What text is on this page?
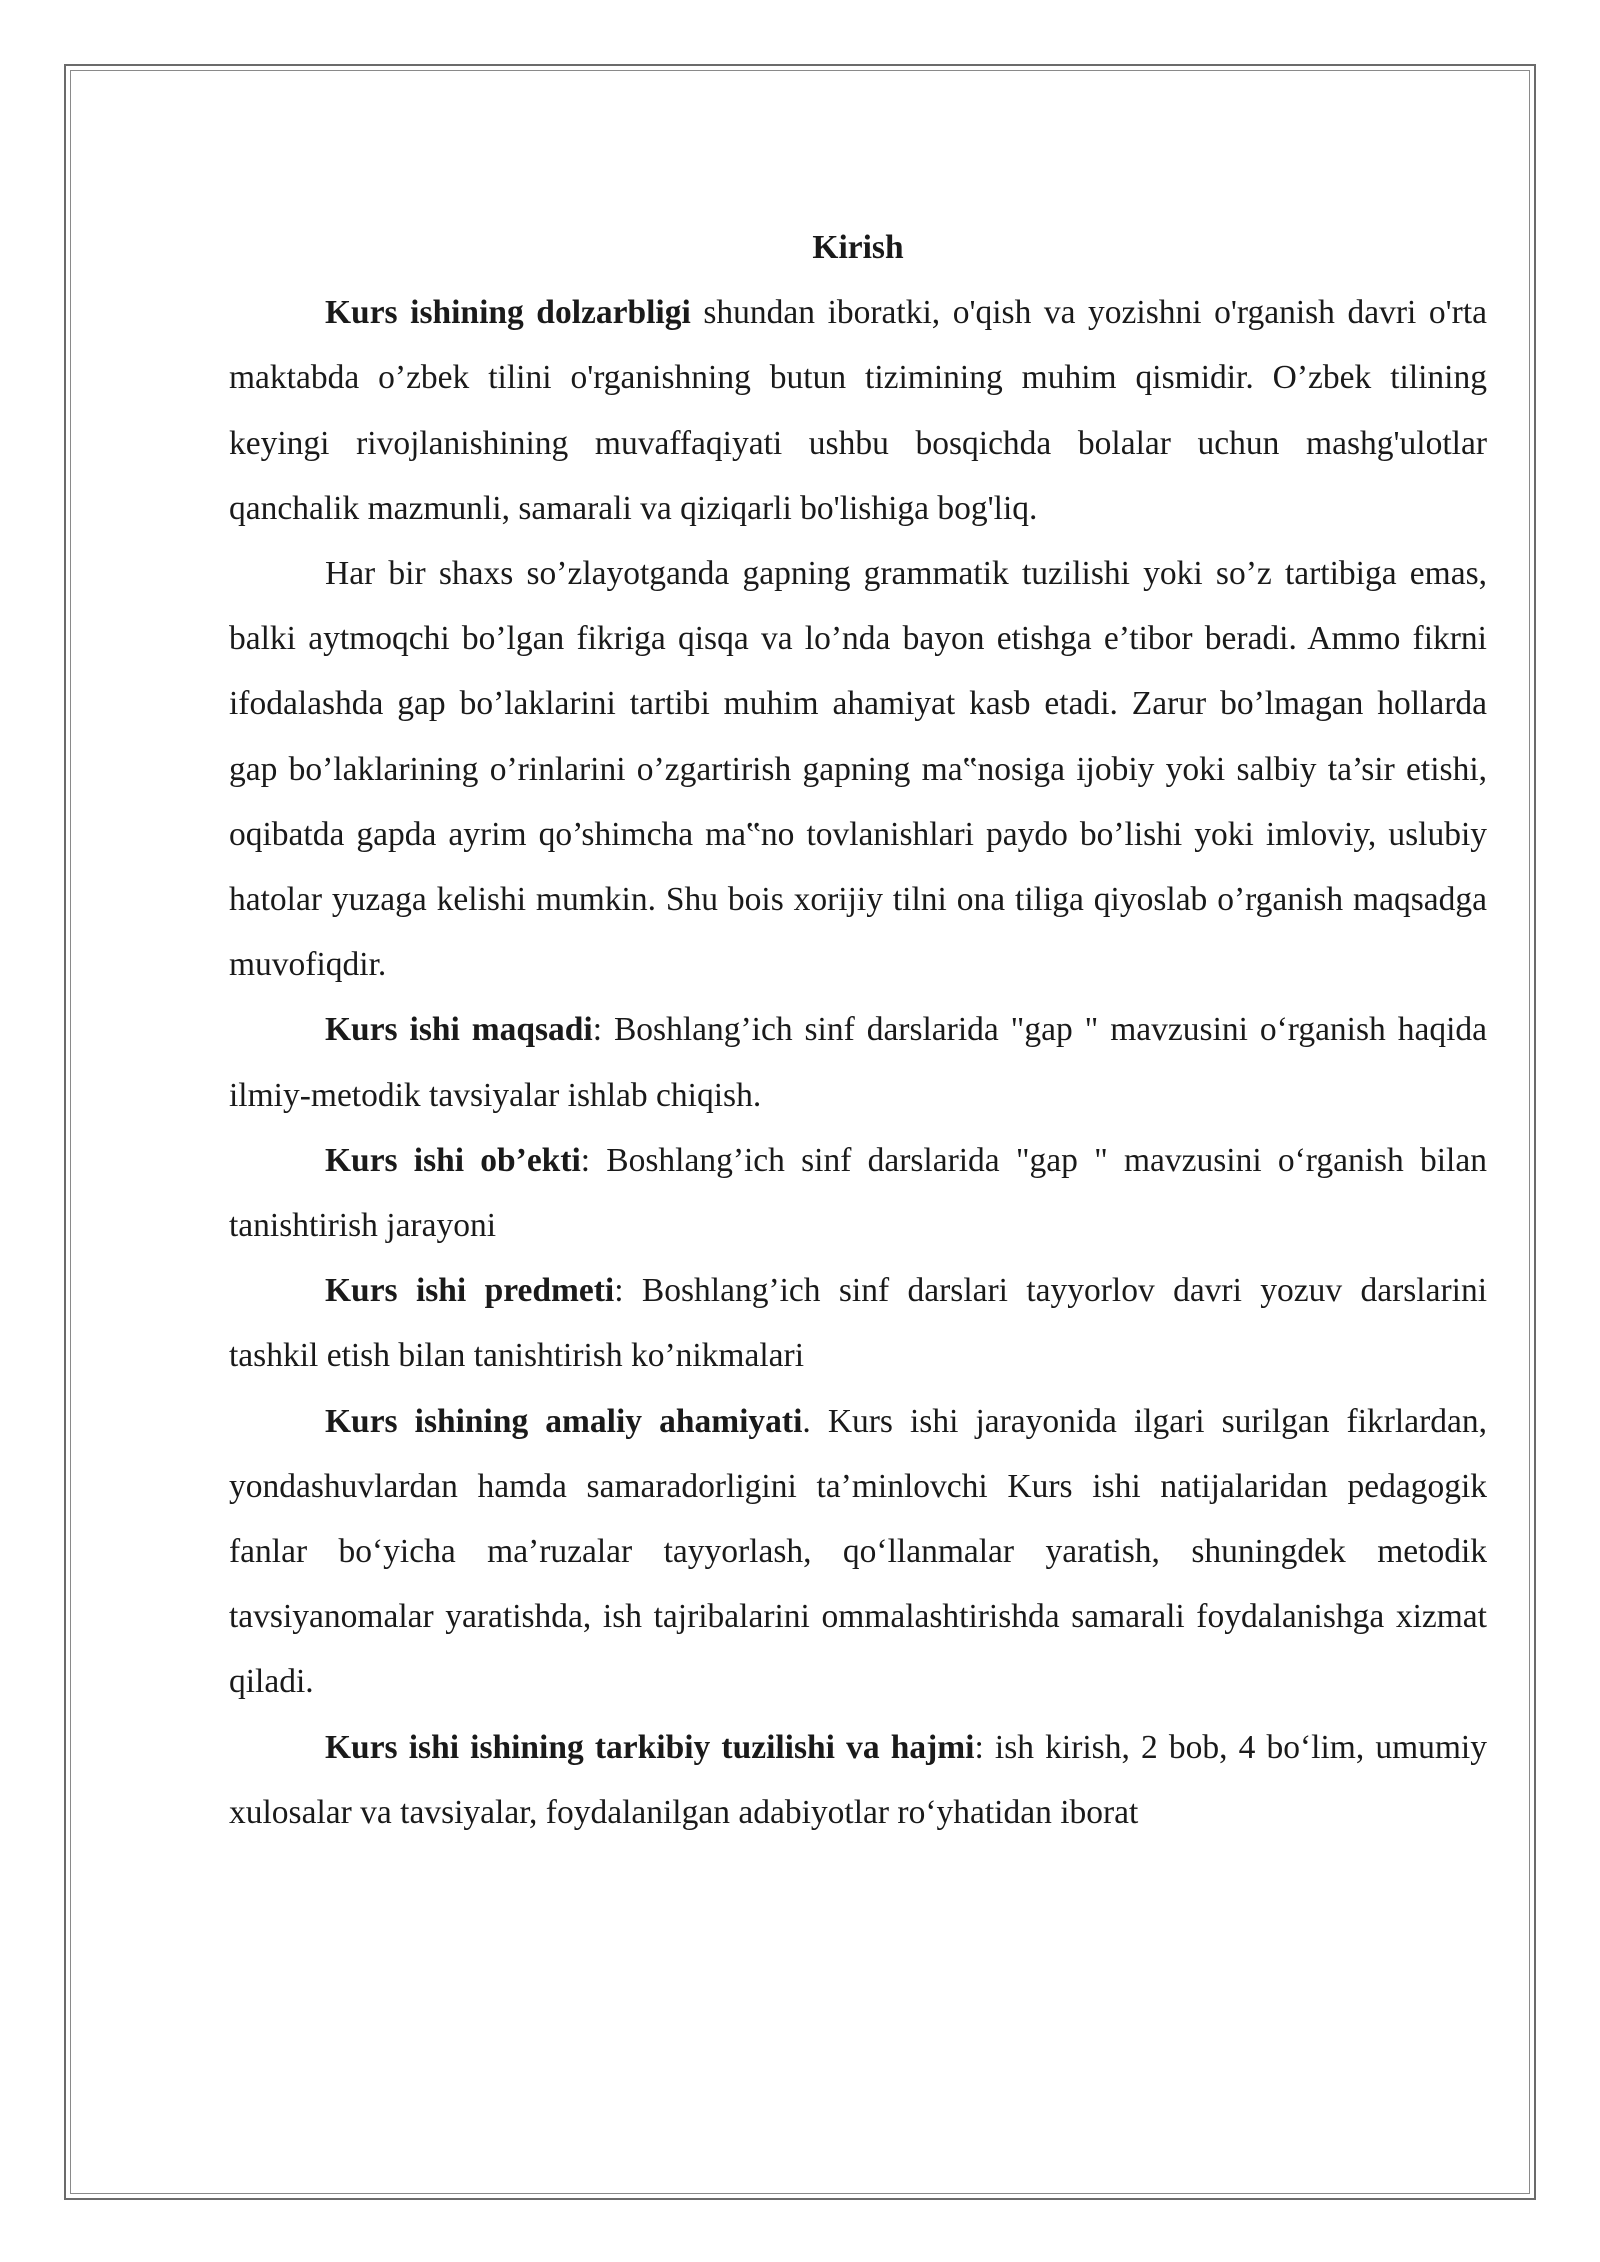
Kirish

Kurs ishining dolzarbligi shundan iboratki, o'qish va yozishni o'rganish davri o'rta maktabda o’zbek tilini o'rganishning butun tizimining muhim qismidir. O’zbek tilining keyingi rivojlanishining muvaffaqiyati ushbu bosqichda bolalar uchun mashg'ulotlar qanchalik mazmunli, samarali va qiziqarli bo'lishiga bog'liq.

Har bir shaxs so’zlayotganda gapning grammatik tuzilishi yoki so’z tartibiga emas, balki aytmoqchi bo’lgan fikriga qisqa va lo’nda bayon etishga e’tibor beradi. Ammo fikrni ifodalashda gap bo’laklarini tartibi muhim ahamiyat kasb etadi. Zarur bo’lmagan hollarda gap bo’laklarining o’rinlarini o’zgartirish gapning ma‟nosiga ijobiy yoki salbiy ta’sir etishi, oqibatda gapda ayrim qo’shimcha ma‟no tovlanishlari paydo bo’lishi yoki imloviy, uslubiy hatolar yuzaga kelishi mumkin. Shu bois xorijiy tilni ona tiliga qiyoslab o’rganish maqsadga muvofiqdir.

Kurs ishi maqsadi: Boshlang’ich sinf darslarida "gap " mavzusini o‘rganish haqida ilmiy-metodik tavsiyalar ishlab chiqish.

Kurs ishi ob’ekti: Boshlang’ich sinf darslarida "gap " mavzusini o‘rganish bilan tanishtirish jarayoni

Kurs ishi predmeti: Boshlang’ich sinf darslari tayyorlov davri yozuv darslarini tashkil etish bilan tanishtirish ko’nikmalari

Kurs ishining amaliy ahamiyati. Kurs ishi jarayonida ilgari surilgan fikrlardan, yondashuvlardan hamda samaradorligini ta’minlovchi Kurs ishi natijalaridan pedagogik fanlar bo‘yicha ma’ruzalar tayyorlash, qo‘llanmalar yaratish, shuningdek metodik tavsiyanomalar yaratishda, ish tajribalarini ommalashtirishda samarali foydalanishga xizmat qiladi.

Kurs ishi ishining tarkibiy tuzilishi va hajmi: ish kirish, 2 bob, 4 bo‘lim, umumiy xulosalar va tavsiyalar, foydalanilgan adabiyotlar ro‘yhatidan iborat
